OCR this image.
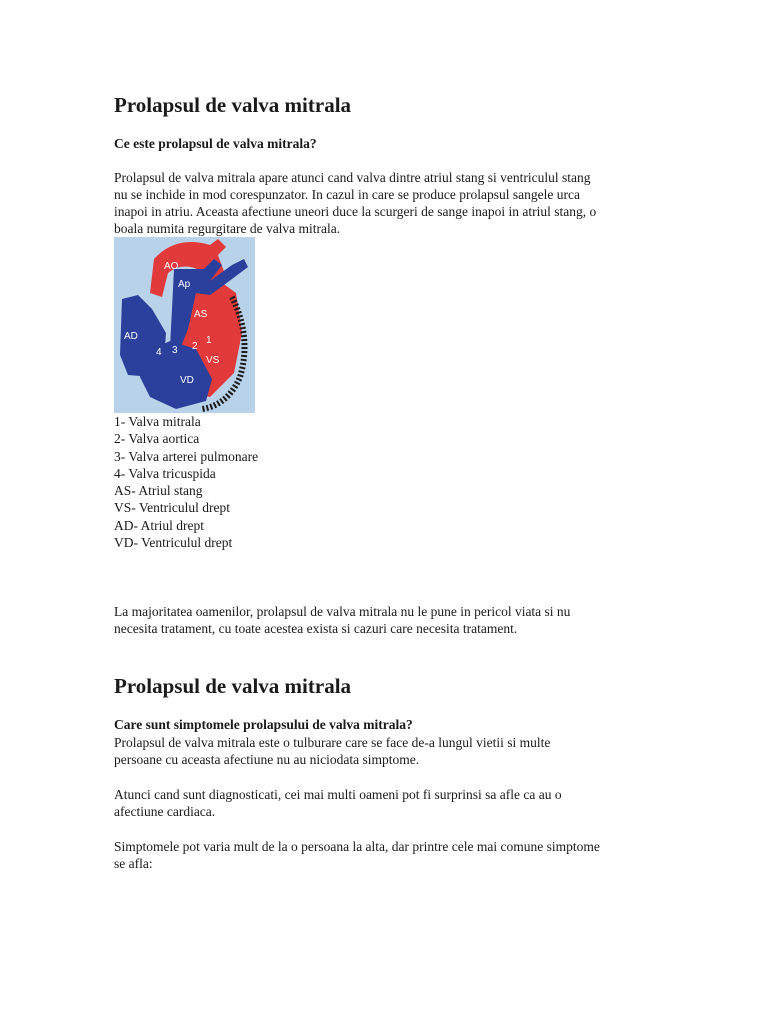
Prolapsul de valva mitrala

Ce este prolapsul de valva mitrala?

Prolapsul de valva mitrala apare atunci cand valva dintre atriul stang si ventriculul stang
nu se inchide in mod corespunzator. In cazul in care se produce prolapsul sangele urca
inapoi in atriu. Aceasta afectiune uneori duce la scurgeri de sange inapoi in atriul stang, o
boala numita regurgitare de valva mitrala.

AO
Ap
AS
AD
VS
VD
1
2
3
4
1- Valva mitrala
2- Valva aortica
3- Valva arterei pulmonare
4- Valva tricuspida
AS- Atriul stang
VS- Ventriculul drept
AD- Atriul drept
VD- Ventriculul drept

La majoritatea oamenilor, prolapsul de valva mitrala nu le pune in pericol viata si nu
necesita tratament, cu toate acestea exista si cazuri care necesita tratament.

Prolapsul de valva mitrala

Care sunt simptomele prolapsului de valva mitrala?

Prolapsul de valva mitrala este o tulburare care se face de-a lungul vietii si multe
persoane cu aceasta afectiune nu au niciodata simptome.

Atunci cand sunt diagnosticati, cei mai multi oameni pot fi surprinsi sa afle ca au o
afectiune cardiaca.

Simptomele pot varia mult de la o persoana la alta, dar printre cele mai comune simptome
se afla:
